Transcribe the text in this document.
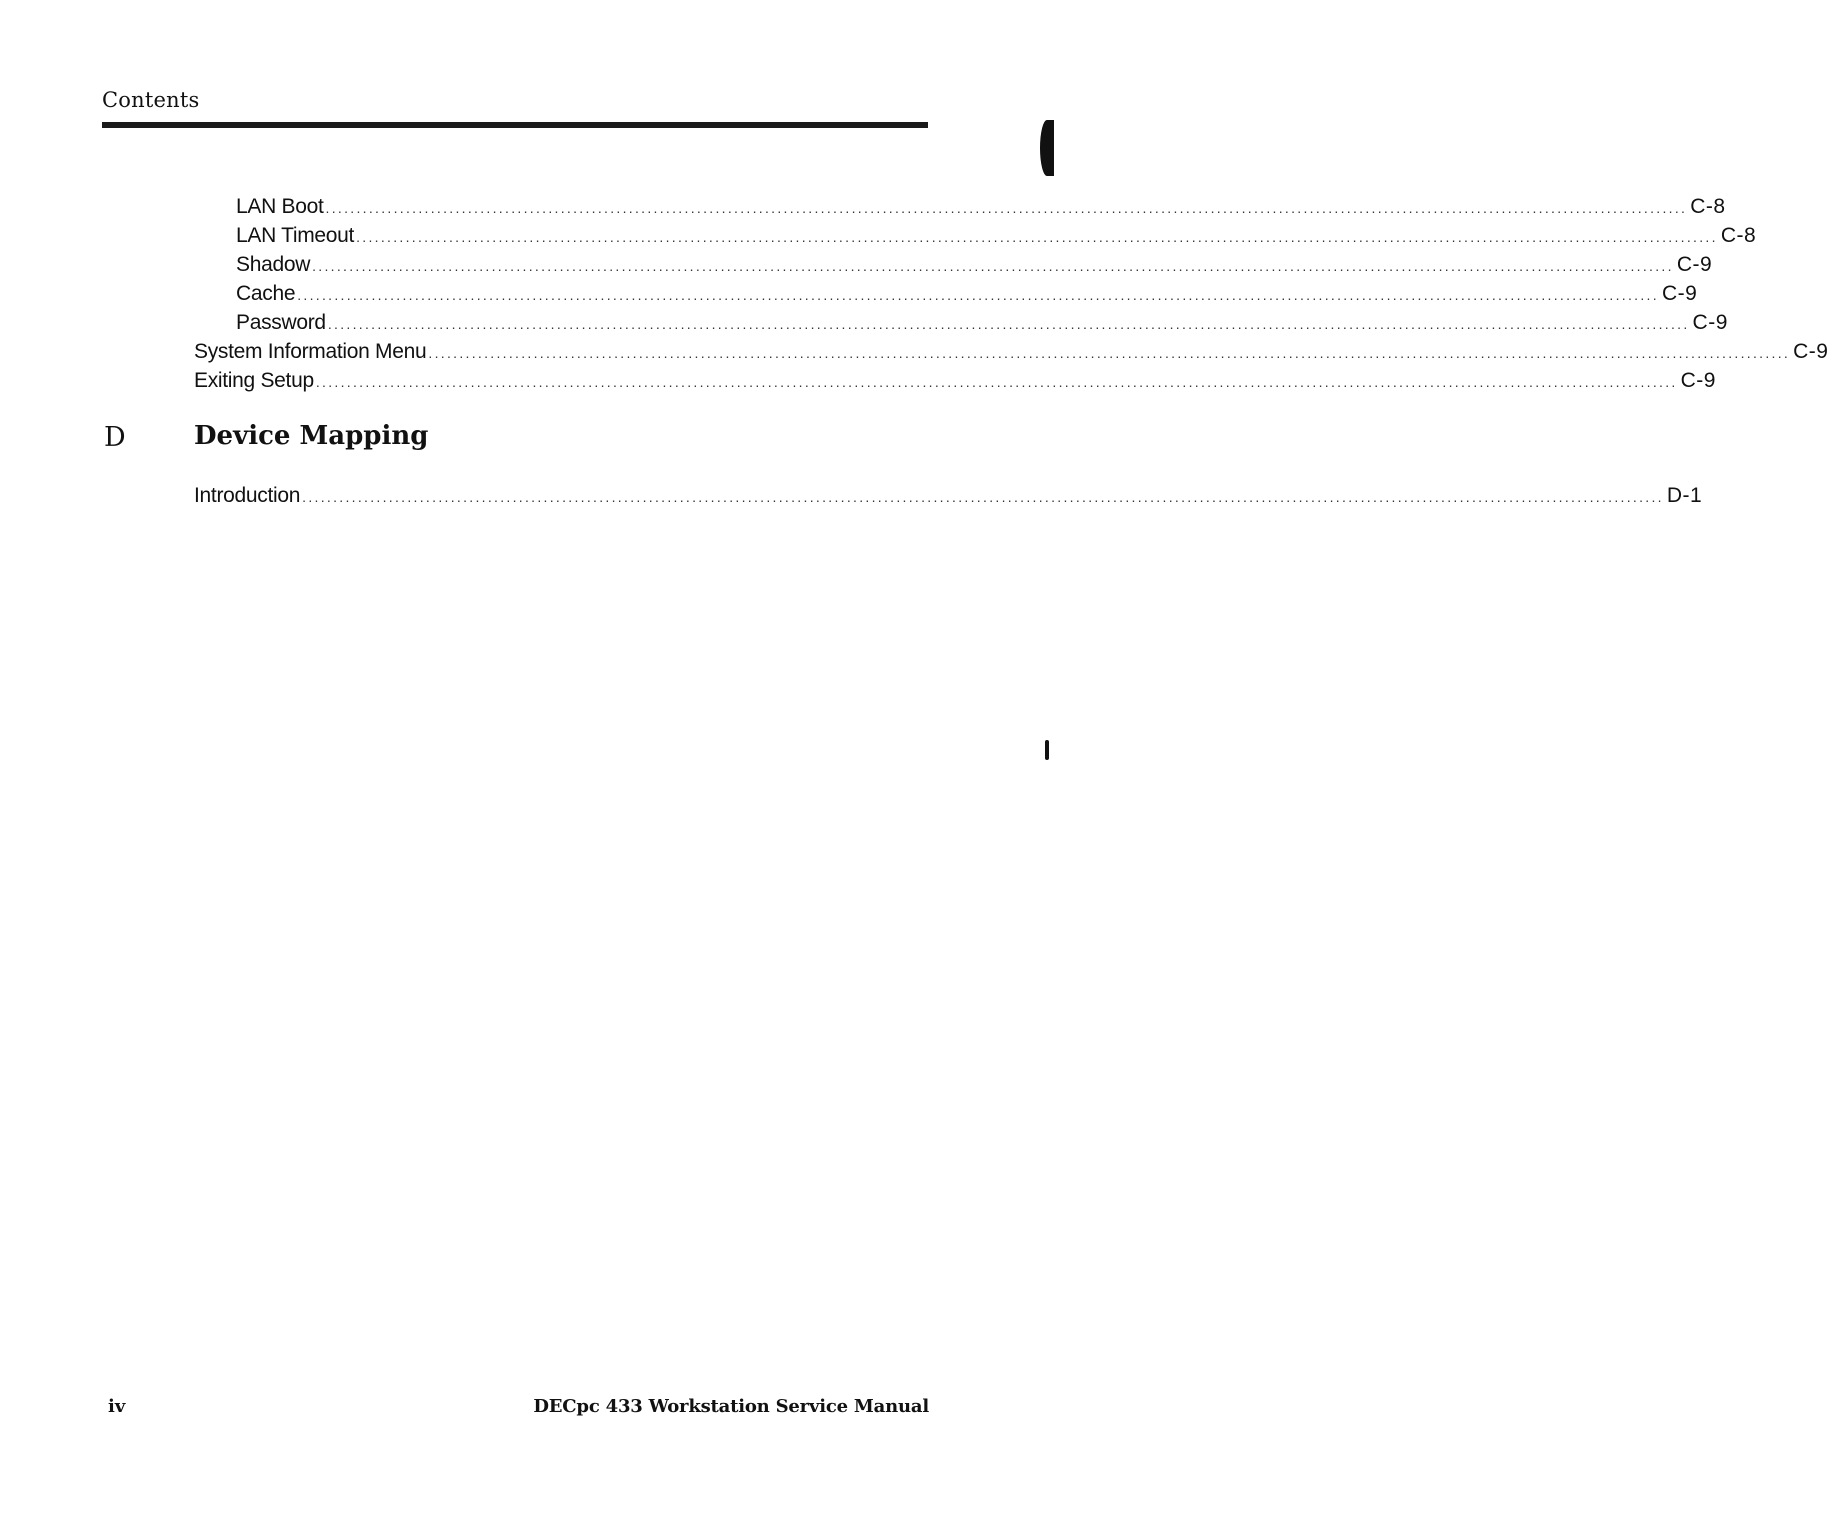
Contents
LAN Boot ............................................................................................................................................................................................................................ C-8
LAN Timeout ............................................................................................................................................................................................................................ C-8
Shadow ............................................................................................................................................................................................................................ C-9
Cache ............................................................................................................................................................................................................................ C-9
Password ............................................................................................................................................................................................................................ C-9
System Information Menu ............................................................................................................................................................................................................................ C-9
Exiting Setup ............................................................................................................................................................................................................................ C-9
D	Device Mapping
Introduction ............................................................................................................................................................................................................................ D-1
iv	DECpc 433 Workstation Service Manual
